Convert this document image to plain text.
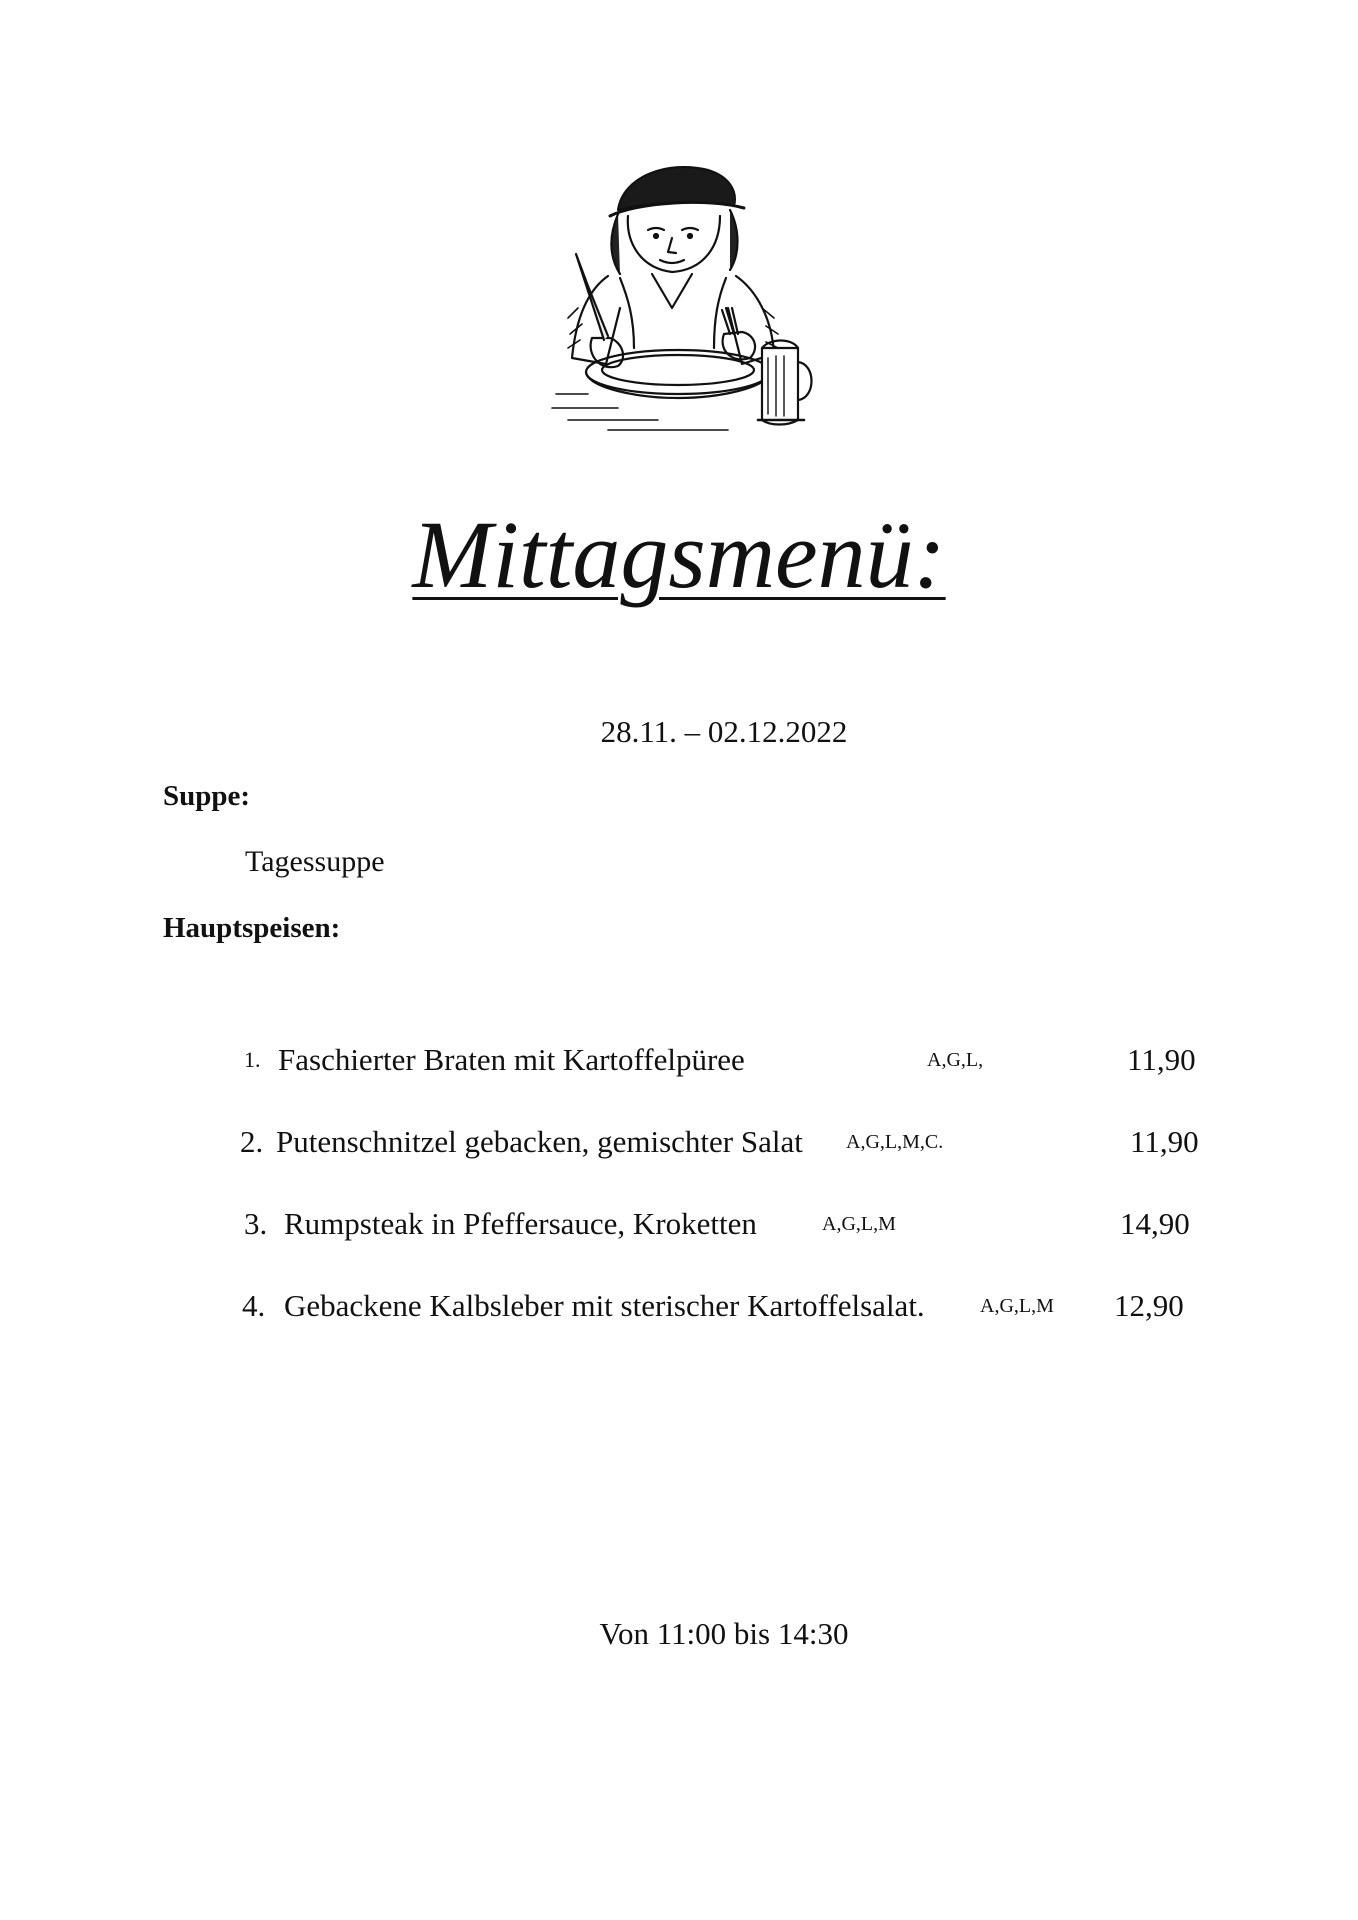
Mittagsmenü:
28.11. – 02.12.2022
Suppe:
Tagessuppe
Hauptspeisen:
1. Faschierter Braten mit Kartoffelpüree	A,G,L,	11,90
2. Putenschnitzel gebacken, gemischter Salat A,G,L,M,C.	11,90
3. Rumpsteak in Pfeffersauce, Kroketten	A,G,L,M	14,90
4. Gebackene Kalbsleber mit sterischer Kartoffelsalat.	A,G,L,M 12,90
Von 11:00 bis 14:30
